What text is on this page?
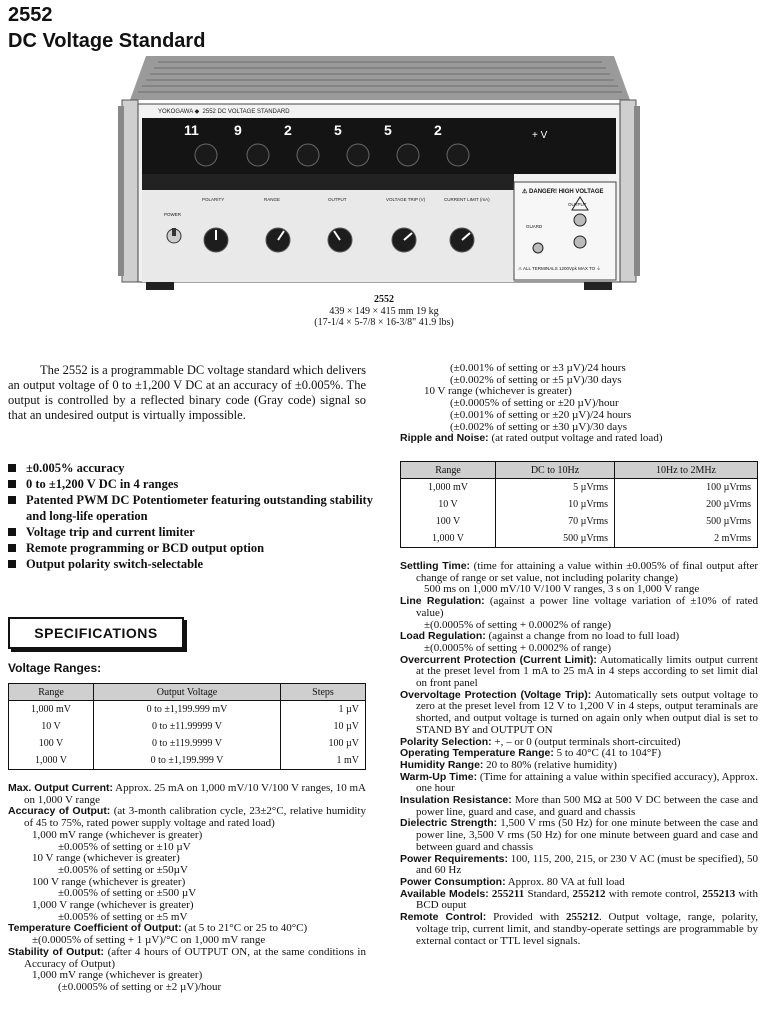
2552
DC Voltage Standard
YOKOGAWA ◆ 2552 DC VOLTAGE STANDARD
11	9	2	5	5	2	+ V
POLARITY	RANGE	OUTPUT	VOLTAGE TRIP (V)	CURRENT LIMIT (mA)
POWER
⚠ DANGER! HIGH VOLTAGE
OUTPUT
GUARD
⚠ ALL TERMINALS 1200Vpk MAX TO ⏚
2552
439 × 149 × 415 mm 19 kg
(17-1/4 × 5-7/8 × 16-3/8" 41.9 lbs)
The 2552 is a programmable DC voltage standard which delivers an output voltage of 0 to ±1,200 V DC at an accuracy of ±0.005%. The output is controlled by a reflected binary code (Gray code) signal so that an undesired output is virtually impossible.
±0.005% accuracy
0 to ±1,200 V DC in 4 ranges
Patented PWM DC Potentiometer featuring outstanding stability and long-life operation
Voltage trip and current limiter
Remote programming or BCD output option
Output polarity switch-selectable
SPECIFICATIONS
Voltage Ranges:
Range	Output Voltage	Steps
1,000 mV	0 to ±1,199.999 mV	1 µV
10 V	0 to ±11.99999 V	10 µV
100 V	0 to ±119.9999 V	100 µV
1,000 V	0 to ±1,199.999 V	1 mV

Max. Output Current: Approx. 25 mA on 1,000 mV/10 V/100 V ranges, 10 mA on 1,000 V range

Accuracy of Output: (at 3-month calibration cycle, 23±2°C, relative humidity of 45 to 75%, rated power supply voltage and rated load)

1,000 mV range (whichever is greater)

±0.005% of setting or ±10 µV

10 V range (whichever is greater)

±0.005% of setting or ±50µV

100 V range (whichever is greater)

±0.005% of setting or ±500 µV

1,000 V range (whichever is greater)

±0.005% of setting or ±5 mV

Temperature Coefficient of Output: (at 5 to 21°C or 25 to 40°C)

±(0.0005% of setting + 1 µV)/°C on 1,000 mV range

Stability of Output: (after 4 hours of OUTPUT ON, at the same conditions in Accuracy of Output)

1,000 mV range (whichever is greater)

(±0.0005% of setting or ±2 µV)/hour

(±0.001% of setting or ±3 µV)/24 hours

(±0.002% of setting or ±5 µV)/30 days

10 V range (whichever is greater)

(±0.0005% of setting or ±20 µV)/hour

(±0.001% of setting or ±20 µV)/24 hours

(±0.002% of setting or ±30 µV)/30 days

Ripple and Noise: (at rated output voltage and rated load)

Range	DC to 10Hz	10Hz to 2MHz
1,000 mV	5 µVrms	100 µVrms
10 V	10 µVrms	200 µVrms
100 V	70 µVrms	500 µVrms
1,000 V	500 µVrms	2 mVrms

Settling Time: (time for attaining a value within ±0.005% of final output after change of range or set value, not including polarity change)

500 ms on 1,000 mV/10 V/100 V ranges, 3 s on 1,000 V range

Line Regulation: (against a power line voltage variation of ±10% of rated value)

±(0.0005% of setting + 0.0002% of range)

Load Regulation: (against a change from no load to full load)

±(0.0005% of setting + 0.0002% of range)

Overcurrent Protection (Current Limit): Automatically limits output current at the preset level from 1 mA to 25 mA in 4 steps according to set limit dial on front panel

Overvoltage Protection (Voltage Trip): Automatically sets output voltage to zero at the preset level from 12 V to 1,200 V in 4 steps, output teraminals are shorted, and output voltage is turned on again only when output dial is set to STAND BY and OUTPUT ON

Polarity Selection: +, – or 0 (output terminals short-circuited)

Operating Temperature Range: 5 to 40°C (41 to 104°F)

Humidity Range: 20 to 80% (relative humidity)

Warm-Up Time: (Time for attaining a value within specified accuracy), Approx. one hour

Insulation Resistance: More than 500 MΩ at 500 V DC between the case and power line, guard and case, and guard and chassis

Dielectric Strength: 1,500 V rms (50 Hz) for one minute between the case and power line, 3,500 V rms (50 Hz) for one minute between guard and case and between guard and chassis

Power Requirements: 100, 115, 200, 215, or 230 V AC (must be specified), 50 and 60 Hz

Power Consumption: Approx. 80 VA at full load

Available Models: 255211 Standard, 255212 with remote control, 255213 with BCD ouput

Remote Control: Provided with 255212. Output voltage, range, polarity, voltage trip, current limit, and standby-operate settings are programmable by external contact or TTL level signals.
